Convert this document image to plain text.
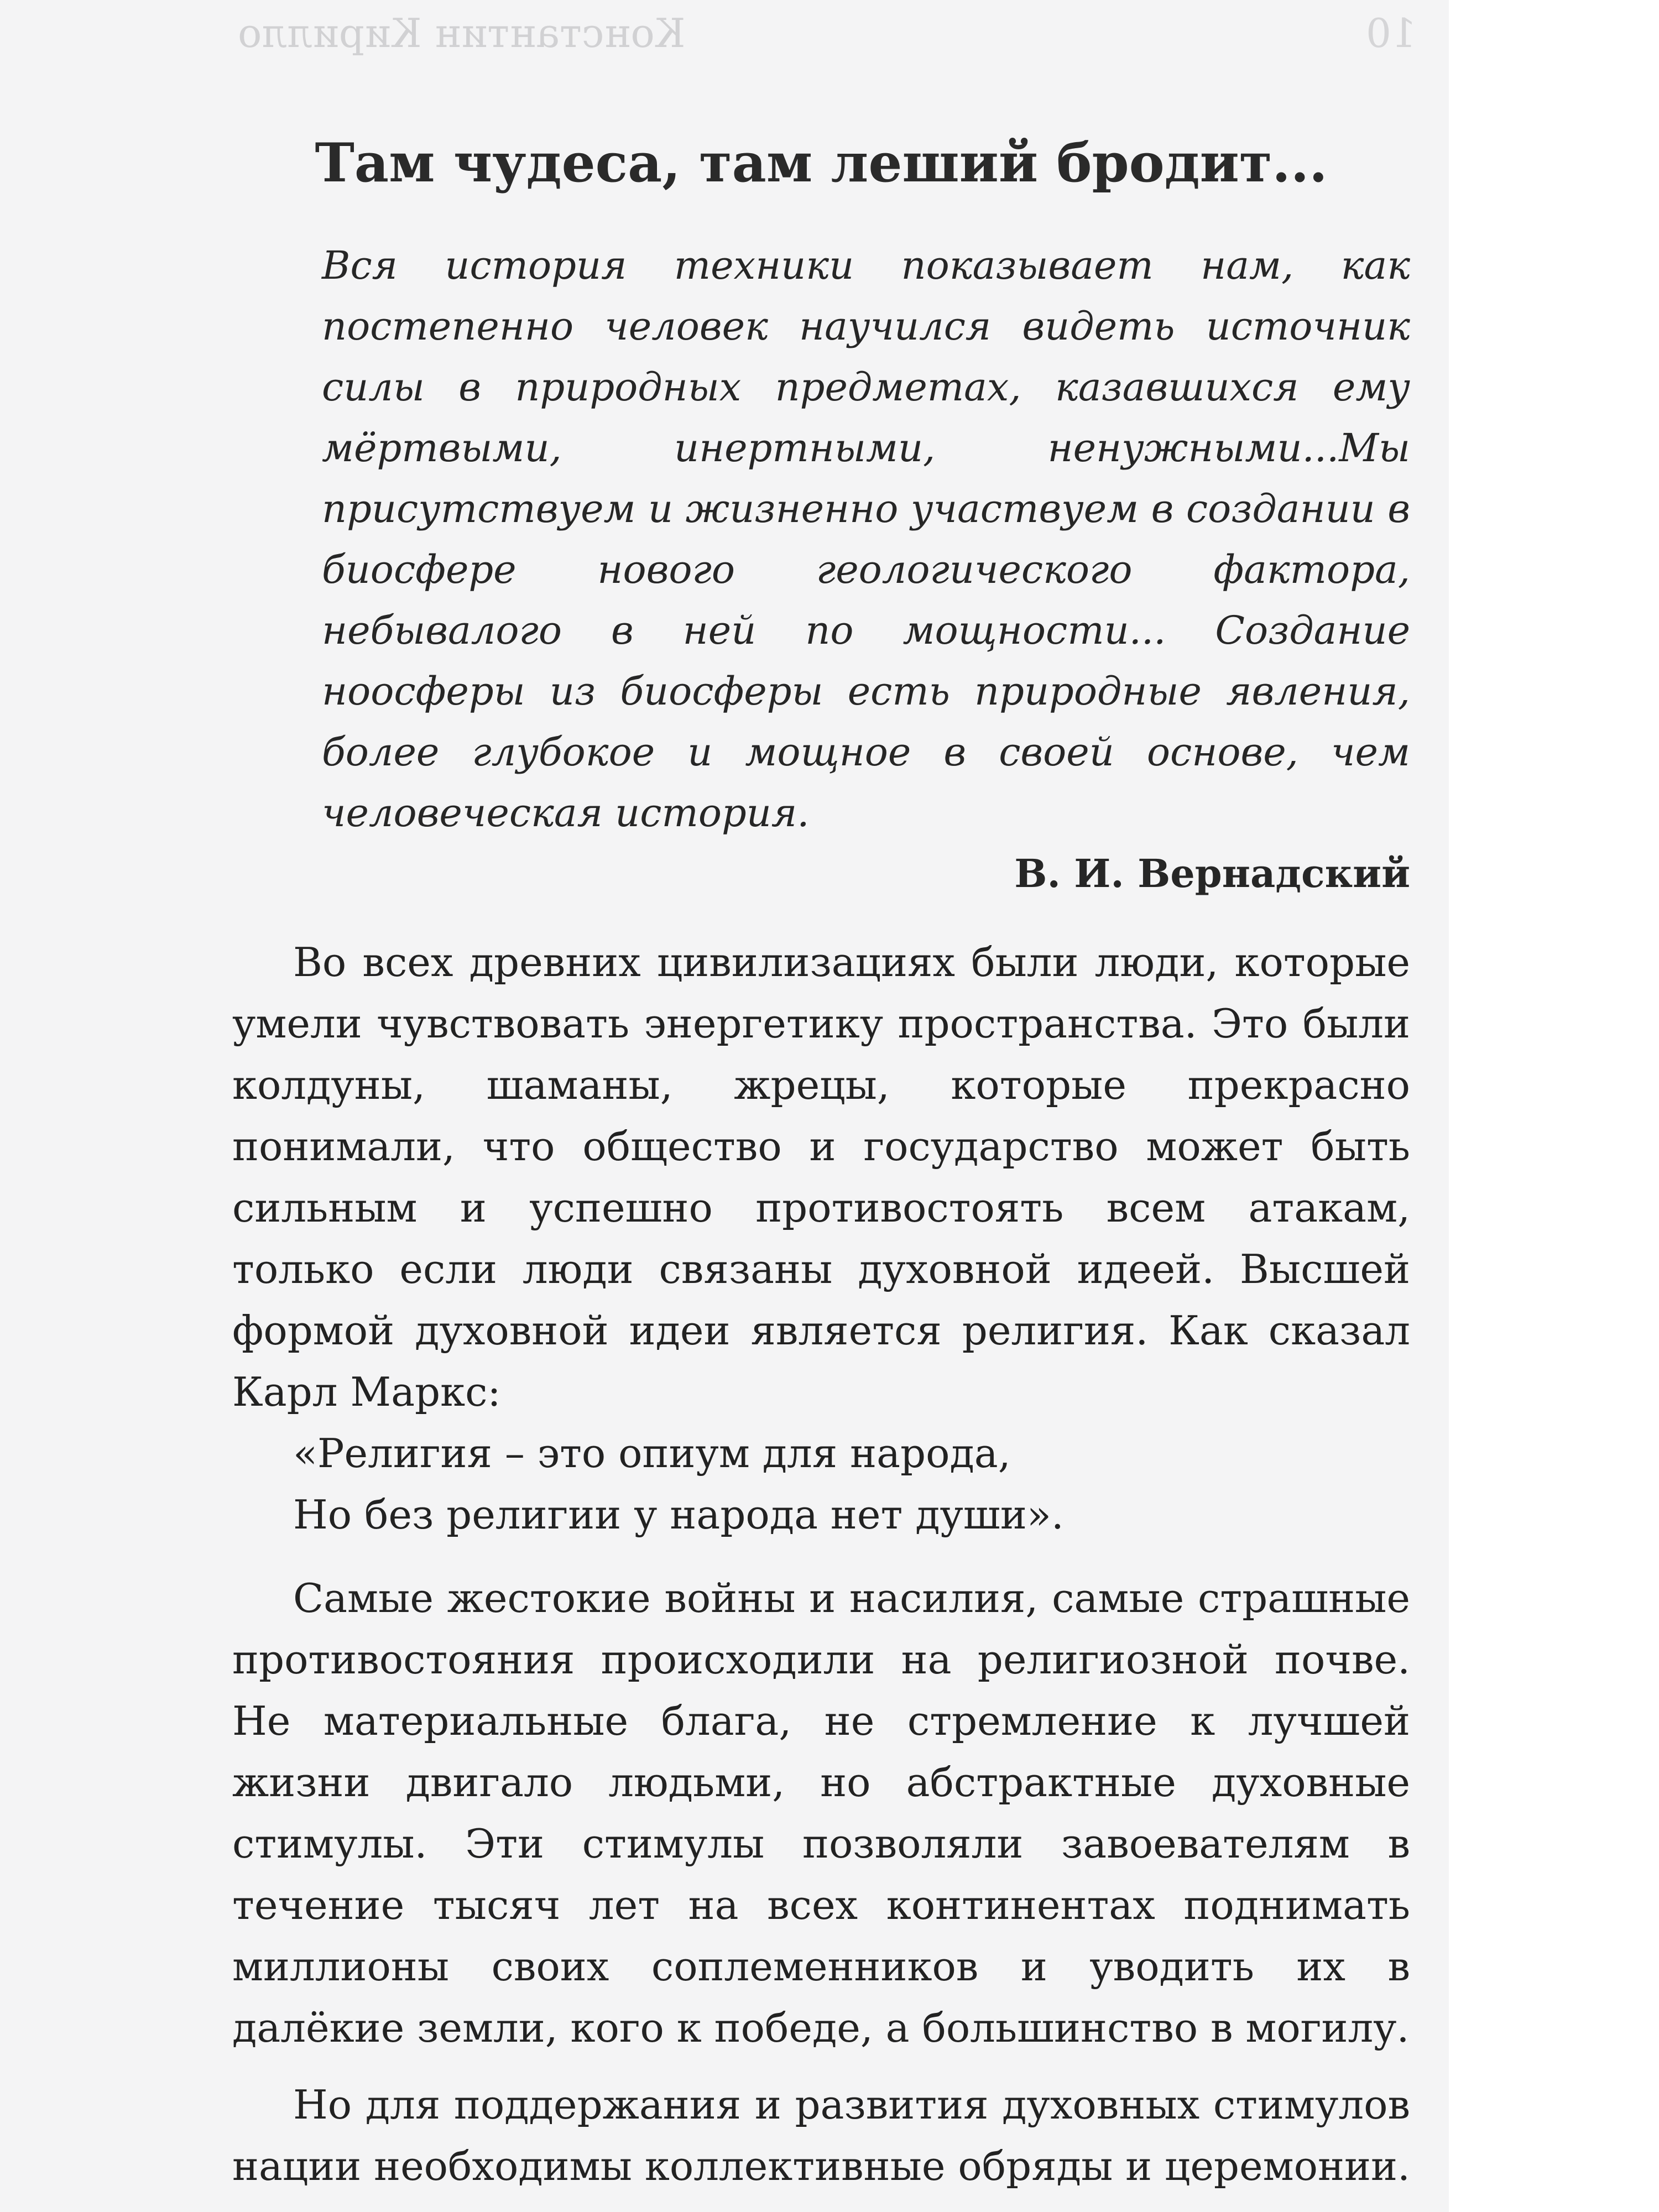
Константин Кирилло	10
Там чудеса, там леший бродит...
Вся история техники показывает нам, как постепенно человек научился видеть источник силы в природных предметах, казавшихся ему мёртвыми, инертными, ненужными...Мы присутствуем и жизненно участвуем в создании в биосфере нового геологического фактора, небывалого в ней по мощности... Создание ноосферы из биосферы есть природные явления, более глубокое и мощное в своей основе, чем человеческая история.
В. И. Вернадский

Во всех древних цивилизациях были люди, которые умели чувствовать энергетику пространства. Это были колдуны, шаманы, жрецы, которые прекрасно понимали, что общество и государство может быть сильным и успешно противостоять всем атакам, только если люди связаны духовной идеей. Высшей формой духовной идеи является религия. Как сказал Карл Маркс:

«Религия – это опиум для народа,
Но без религии у народа нет души».

Самые жестокие войны и насилия, самые страшные противостояния происходили на религиозной почве. Не материальные блага, не стремление к лучшей жизни двигало людьми, но абстрактные духовные стимулы. Эти стимулы позволяли завоевателям в течение тысяч лет на всех континентах поднимать миллионы своих соплеменников и уводить их в далёкие земли, кого к победе, а большинство в могилу.

Но для поддержания и развития духовных стимулов нации необходимы коллективные обряды и церемонии.
